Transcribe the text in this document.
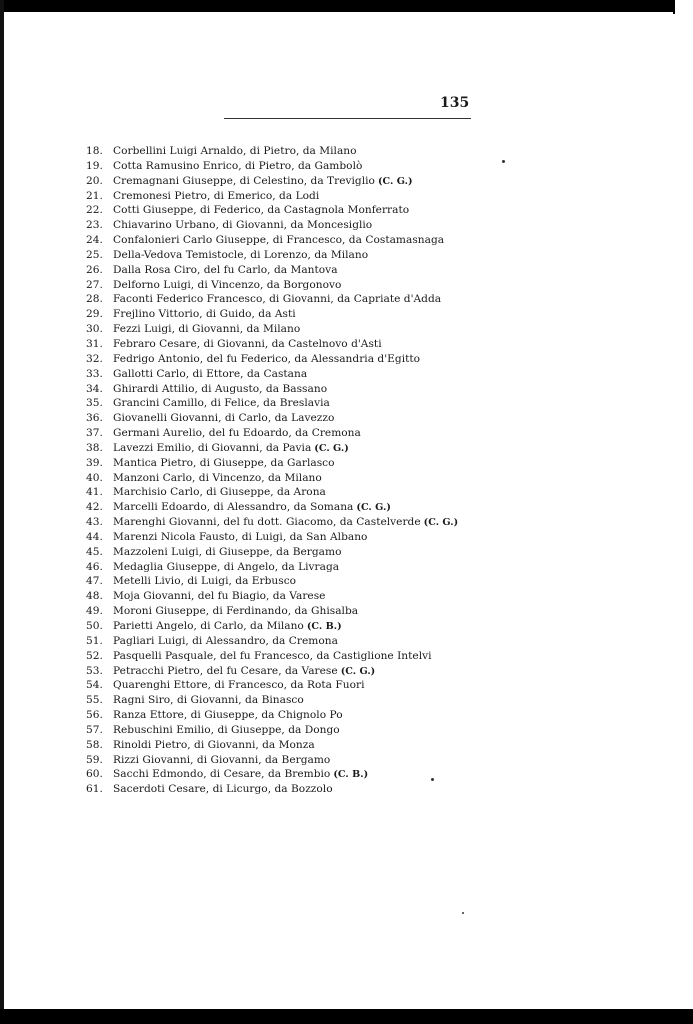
135
18. Corbellini Luigi Arnaldo, di Pietro, da Milano
19. Cotta Ramusino Enrico, di Pietro, da Gambolò
20. Cremagnani Giuseppe, di Celestino, da Treviglio (C. G.)
21. Cremonesi Pietro, di Emerico, da Lodi
22. Cotti Giuseppe, di Federico, da Castagnola Monferrato
23. Chiavarino Urbano, di Giovanni, da Moncesiglio
24. Confalonieri Carlo Giuseppe, di Francesco, da Costamasnaga
25. Della-Vedova Temistocle, di Lorenzo, da Milano
26. Dalla Rosa Ciro, del fu Carlo, da Mantova
27. Delforno Luigi, di Vincenzo, da Borgonovo
28. Faconti Federico Francesco, di Giovanni, da Capriate d'Adda
29. Frejlino Vittorio, di Guido, da Asti
30. Fezzi Luigi, di Giovanni, da Milano
31. Febraro Cesare, di Giovanni, da Castelnovo d'Asti
32. Fedrigo Antonio, del fu Federico, da Alessandria d'Egitto
33. Gallotti Carlo, di Ettore, da Castana
34. Ghirardi Attilio, di Augusto, da Bassano
35. Grancini Camillo, di Felice, da Breslavia
36. Giovanelli Giovanni, di Carlo, da Lavezzo
37. Germani Aurelio, del fu Edoardo, da Cremona
38. Lavezzi Emilio, di Giovanni, da Pavia (C. G.)
39. Mantica Pietro, di Giuseppe, da Garlasco
40. Manzoni Carlo, di Vincenzo, da Milano
41. Marchisio Carlo, di Giuseppe, da Arona
42. Marcelli Edoardo, di Alessandro, da Somana (C. G.)
43. Marenghi Giovanni, del fu dott. Giacomo, da Castelverde (C. G.)
44. Marenzi Nicola Fausto, di Luigi, da San Albano
45. Mazzoleni Luigi, di Giuseppe, da Bergamo
46. Medaglia Giuseppe, di Angelo, da Livraga
47. Metelli Livio, di Luigi, da Erbusco
48. Moja Giovanni, del fu Biagio, da Varese
49. Moroni Giuseppe, di Ferdinando, da Ghisalba
50. Parietti Angelo, di Carlo, da Milano (C. B.)
51. Pagliari Luigi, di Alessandro, da Cremona
52. Pasquelli Pasquale, del fu Francesco, da Castiglione Intelvi
53. Petracchi Pietro, del fu Cesare, da Varese (C. G.)
54. Quarenghi Ettore, di Francesco, da Rota Fuori
55. Ragni Siro, di Giovanni, da Binasco
56. Ranza Ettore, di Giuseppe, da Chignolo Po
57. Rebuschini Emilio, di Giuseppe, da Dongo
58. Rinoldi Pietro, di Giovanni, da Monza
59. Rizzi Giovanni, di Giovanni, da Bergamo
60. Sacchi Edmondo, di Cesare, da Brembio (C. B.)
61. Sacerdoti Cesare, di Licurgo, da Bozzolo
